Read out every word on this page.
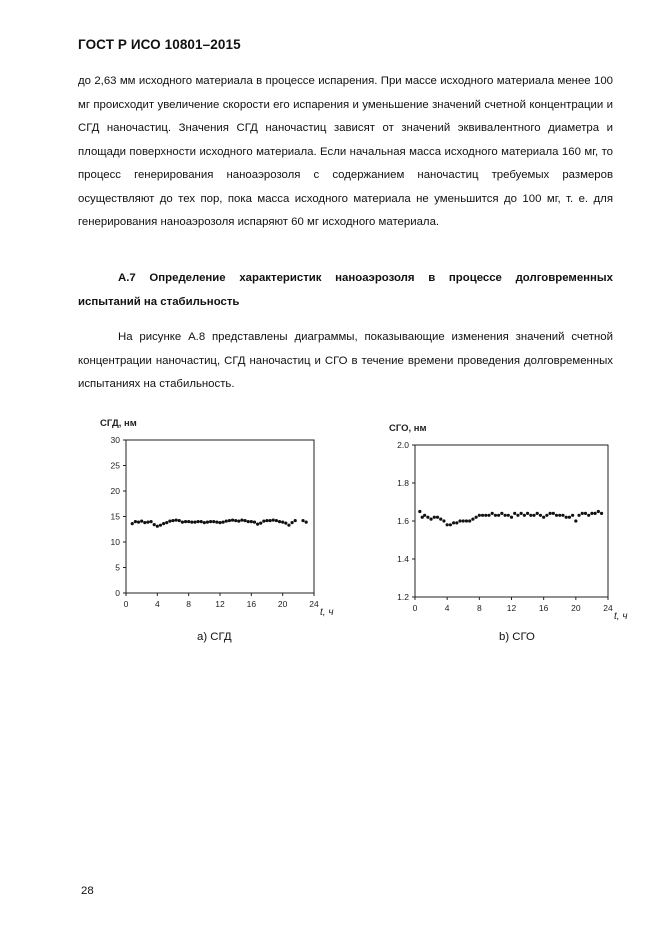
ГОСТ Р ИСО 10801–2015

до 2,63 мм исходного материала в процессе испарения. При массе исходного материала менее 100 мг происходит увеличение скорости его испарения и уменьшение значений счетной концентрации и СГД наночастиц. Значения СГД наночастиц зависят от значений эквивалентного диаметра и площади поверхности исходного материала. Если начальная масса исходного материала 160 мг, то процесс генерирования наноаэрозоля с содержанием наночастиц требуемых размеров осуществляют до тех пор, пока масса исходного материала не уменьшится до 100 мг, т. е. для генерирования наноаэрозоля испаряют 60 мг исходного материала.

А.7 Определение характеристик наноаэрозоля в процессе долговременных испытаний на стабильность

На рисунке А.8 представлены диаграммы, показывающие изменения значений счетной концентрации наночастиц, СГД наночастиц и СГО в течение времени проведения долговременных испытаниях на стабильность.

0
5
10
15
20
25
30
0	4	8	12	16	20	24
СГД, нм
t, ч
1.2
1.4
1.6
1.8
2.0
0	4	8	12	16	20	24
СГО, нм
t, ч
а) СГД	b) СГО
28
